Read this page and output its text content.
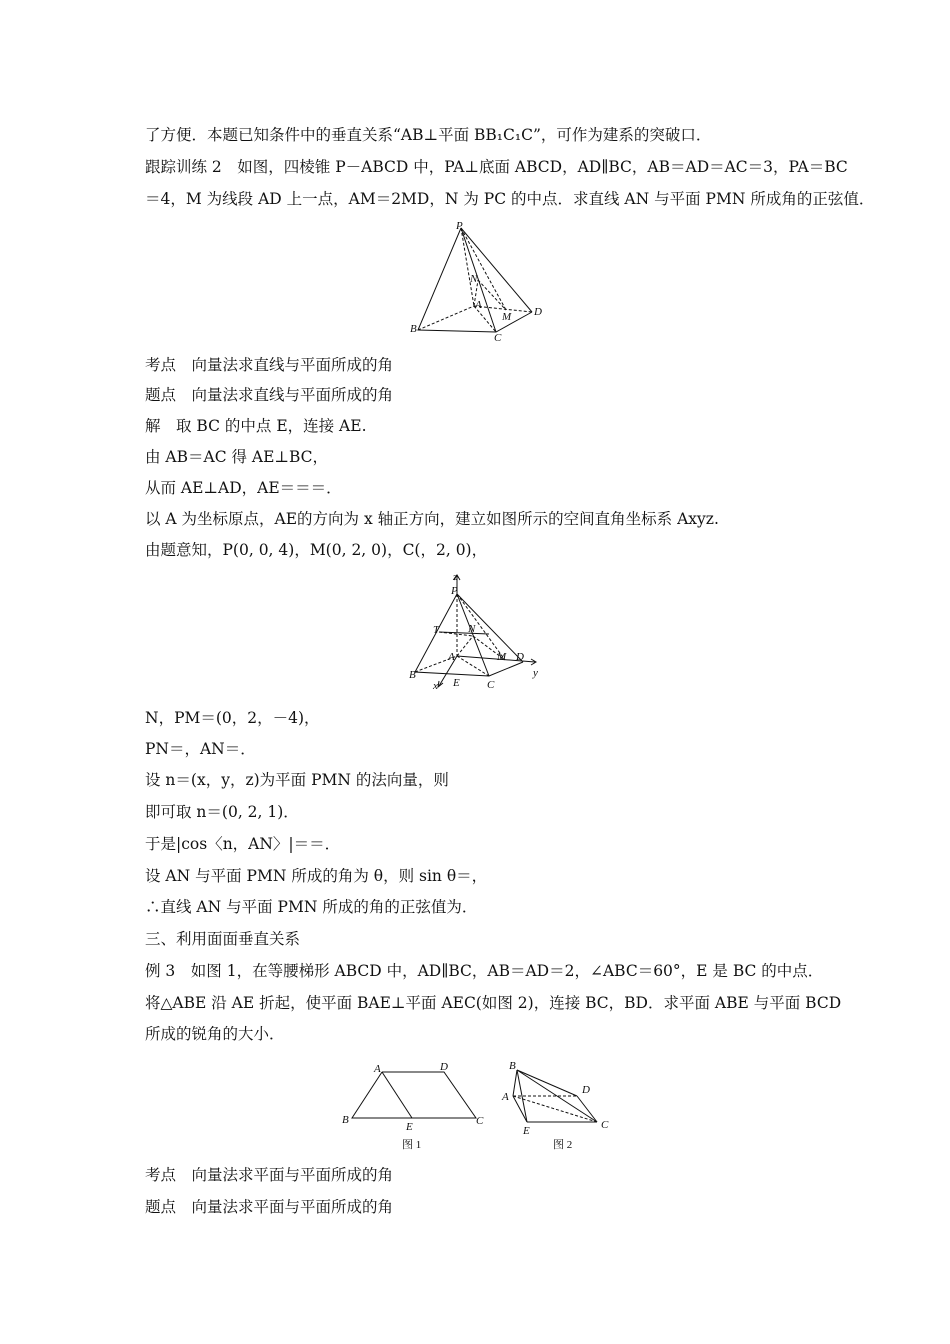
了方便．本题已知条件中的垂直关系“AB⊥平面 BB₁C₁C”，可作为建系的突破口．
跟踪训练 2　如图，四棱锥 P－ABCD 中，PA⊥底面 ABCD，AD∥BC，AB＝AD＝AC＝3，PA＝BC
＝4，M 为线段 AD 上一点，AM＝2MD，N 为 PC 的中点．求直线 AN 与平面 PMN 所成角的正弦值．
P
N
A
M D
B
C
考点　向量法求直线与平面所成的角
题点　向量法求直线与平面所成的角
解　取 BC 的中点 E，连接 AE.
由 AB＝AC 得 AE⊥BC，
从而 AE⊥AD，AE＝＝＝．
以 A 为坐标原点，AE的方向为 x 轴正方向，建立如图所示的空间直角坐标系 Axyz.
由题意知，P(0, 0, 4)，M(0, 2, 0)，C(，2, 0)，
z
P
T	N
A	M D
y
B
x E C
N，PM＝(0，2，－4)，
PN＝，AN＝．
设 n＝(x，y，z)为平面 PMN 的法向量，则
即可取 n＝(0, 2, 1)．
于是|cos〈n，AN〉|＝＝．
设 AN 与平面 PMN 所成的角为 θ，则 sin θ＝，
∴直线 AN 与平面 PMN 所成的角的正弦值为．
三、利用面面垂直关系
例 3　如图 1，在等腰梯形 ABCD 中，AD∥BC，AB＝AD＝2，∠ABC＝60°，E 是 BC 的中点．
将△ABE 沿 AE 折起，使平面 BAE⊥平面 AEC(如图 2)，连接 BC，BD．求平面 ABE 与平面 BCD
所成的锐角的大小．
A	D
B
E	C
图 1
B
D
A
E	C
图 2
考点　向量法求平面与平面所成的角
题点　向量法求平面与平面所成的角
